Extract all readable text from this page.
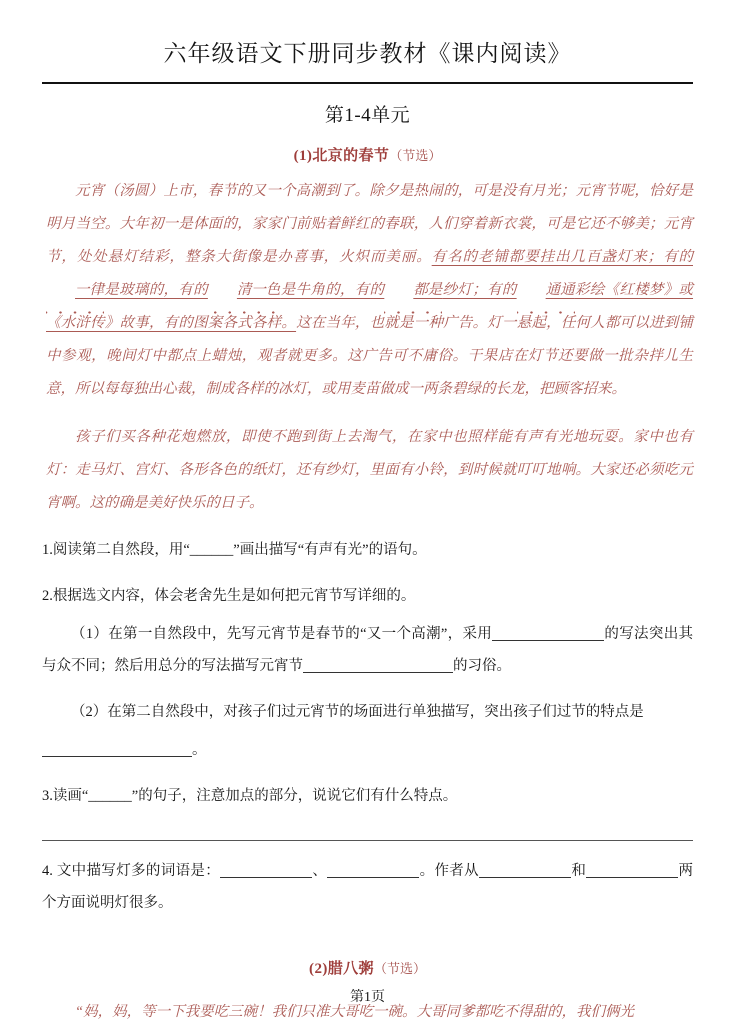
六年级语文下册同步教材《课内阅读》
第1-4单元
(1)北京的春节（节选）
元宵（汤圆）上市，春节的又一个高潮到了。除夕是热闹的，可是没有月光；元宵节呢，恰好是明月当空。大年初一是体面的，家家门前贴着鲜红的春联，人们穿着新衣裳，可是它还不够美；元宵节，处处悬灯结彩，整条大街像是办喜事，火炽而美丽。有名的老铺都要挂出几百盏灯来；有的一律是玻璃的，有的 清一色是牛角的，有的 都是纱灯；有的 通通彩绘《红楼梦》或《水浒传》故事，有的图案各式各样。这在当年，也就是一种广告。灯一悬起，任何人都可以进到铺中参观，晚间灯中都点上蜡烛，观者就更多。这广告可不庸俗。干果店在灯节还要做一批杂拌儿生意，所以每每独出心裁，制成各样的冰灯，或用麦苗做成一两条碧绿的长龙，把顾客招来。
孩子们买各种花炮燃放，即使不跑到街上去淘气，在家中也照样能有声有光地玩耍。家中也有灯：走马灯、宫灯、各形各色的纸灯，还有纱灯，里面有小铃，到时候就叮叮地响。大家还必须吃元宵啊。这的确是美好快乐的日子。
1.阅读第二自然段，用“______”画出描写“有声有光”的语句。
2.根据选文内容，体会老舍先生是如何把元宵节写详细的。
（1）在第一自然段中，先写元宵节是春节的“又一个高潮”，采用	的写法突出其与众不同；然后用总分的写法描写元宵节	的习俗。
（2）在第二自然段中，对孩子们过元宵节的场面进行单独描写，突出孩子们过节的特点是
。
3.读画“______”的句子，注意加点的部分，说说它们有什么特点。
4. 文中描写灯多的词语是：	、	。作者从	和	两个方面说明灯很多。
(2)腊八粥（节选）
“妈，妈，等一下我要吃三碗！我们只准大哥吃一碗。大哥同爹都吃不得甜的，我们俩光
第1页
